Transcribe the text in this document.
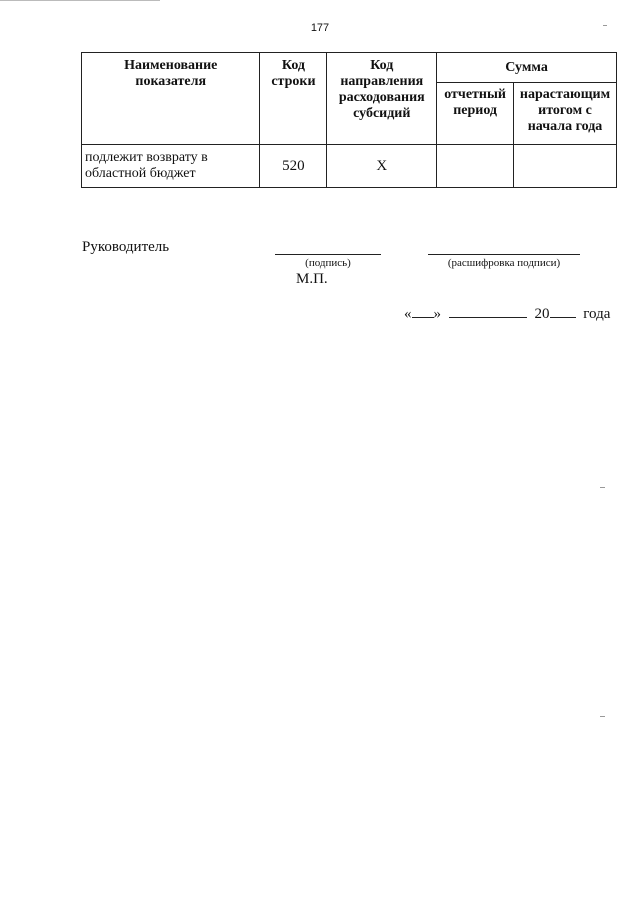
177
Наименование показателя	Код строки	Код направления расходования субсидий	Сумма	
			отчетный период	нарастающим итогом с начала года
подлежит возврату в областной бюджет	520	X		
Руководитель
(подпись)	(расшифровка подписи)
М.П.
« »	20 года
